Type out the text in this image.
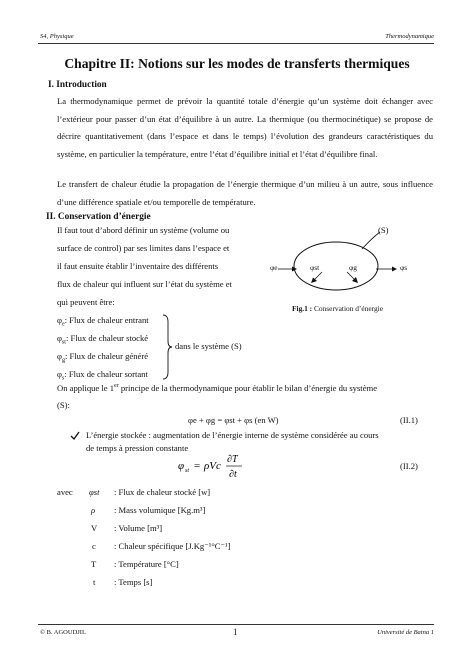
S4, Physique	Thermodynamique
Chapitre II: Notions sur les modes de transferts thermiques
I. Introduction
La thermodynamique permet de prévoir la quantité totale d’énergie qu’un système doit échanger avec l’extérieur pour passer d’un état d’équilibre à un autre. La thermique (ou thermocinétique) se propose de décrire quantitativement (dans l’espace et dans le temps) l’évolution des grandeurs caractéristiques du système, en particulier la température, entre l’état d’équilibre initial et l’état d’équilibre final.
Le transfert de chaleur étudie la propagation de l’énergie thermique d’un milieu à un autre, sous influence d’une différence spatiale et/ou temporelle de température.
II. Conservation d’énergie
Il faut tout d’abord définir un système (volume ou
surface de control) par ses limites dans l’espace et
il faut ensuite établir l’inventaire des différents
flux de chaleur qui influent sur l’état du système et
qui peuvent être:
(S)
φe	φst	φg	φs
Fig.1 : Conservation d’énergie
$\varphi_e$: Flux de chaleur entrant
$\varphi_{st}$: Flux de chaleur stocké
$\varphi_g$: Flux de chaleur généré
$\varphi_s$: Flux de chaleur sortant
dans le système (S)
On applique le 1er principe de la thermodynamique pour établir le bilan d’énergie du système
(S):
φe + φg = φst + φs (en W)	(II.1)
L’énergie stockée : augmentation de l’énergie interne de système considérée au cours
de temps à pression constante
φ st = ρVc
∂T
∂t
(II.2)
avec φst : Flux de chaleur stocké [w]
ρ : Mass volumique [Kg.m³]
V : Volume [m³]
c : Chaleur spécifique [J.Kg⁻¹°C⁻¹]
T : Température [°C]
t : Temps [s]
© B. AGOUDJIL	1	Université de Batna 1
